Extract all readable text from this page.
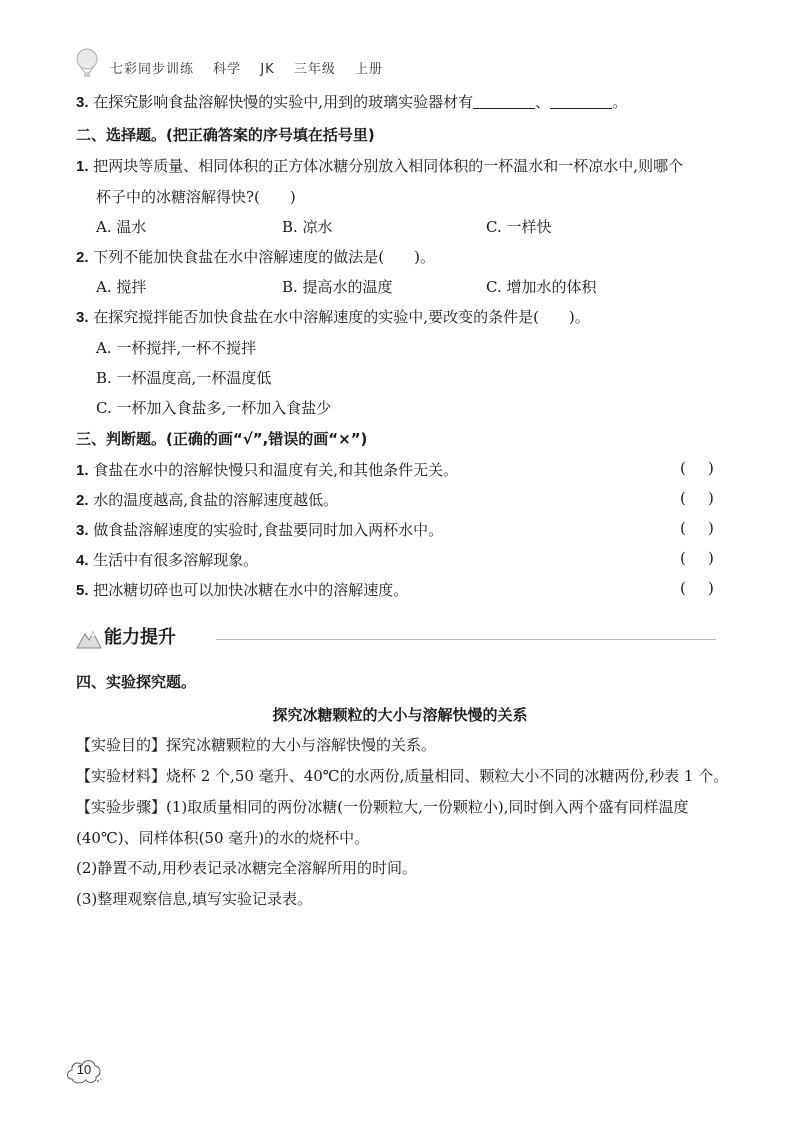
七彩同步训练 科学 JK 三年级 上册
3. 在探究影响食盐溶解快慢的实验中,用到的玻璃实验器材有	、	。
二、选择题。(把正确答案的序号填在括号里)
1. 把两块等质量、相同体积的正方体冰糖分别放入相同体积的一杯温水和一杯凉水中,则哪个
杯子中的冰糖溶解得快?(　　)
A. 温水	B. 凉水	C. 一样快
2. 下列不能加快食盐在水中溶解速度的做法是(　　)。
A. 搅拌	B. 提高水的温度	C. 增加水的体积
3. 在探究搅拌能否加快食盐在水中溶解速度的实验中,要改变的条件是(　　)。
A. 一杯搅拌,一杯不搅拌
B. 一杯温度高,一杯温度低
C. 一杯加入食盐多,一杯加入食盐少
三、判断题。(正确的画“√”,错误的画“×”)
1. 食盐在水中的溶解快慢只和温度有关,和其他条件无关。	( )
2. 水的温度越高,食盐的溶解速度越低。	( )
3. 做食盐溶解速度的实验时,食盐要同时加入两杯水中。	( )
4. 生活中有很多溶解现象。	( )
5. 把冰糖切碎也可以加快冰糖在水中的溶解速度。	( )
能力提升
四、实验探究题。
探究冰糖颗粒的大小与溶解快慢的关系
【实验目的】探究冰糖颗粒的大小与溶解快慢的关系。
【实验材料】烧杯 2 个,50 毫升、40℃的水两份,质量相同、颗粒大小不同的冰糖两份,秒表 1 个。
【实验步骤】(1)取质量相同的两份冰糖(一份颗粒大,一份颗粒小),同时倒入两个盛有同样温度
(40℃)、同样体积(50 毫升)的水的烧杯中。
(2)静置不动,用秒表记录冰糖完全溶解所用的时间。
(3)整理观察信息,填写实验记录表。
10
